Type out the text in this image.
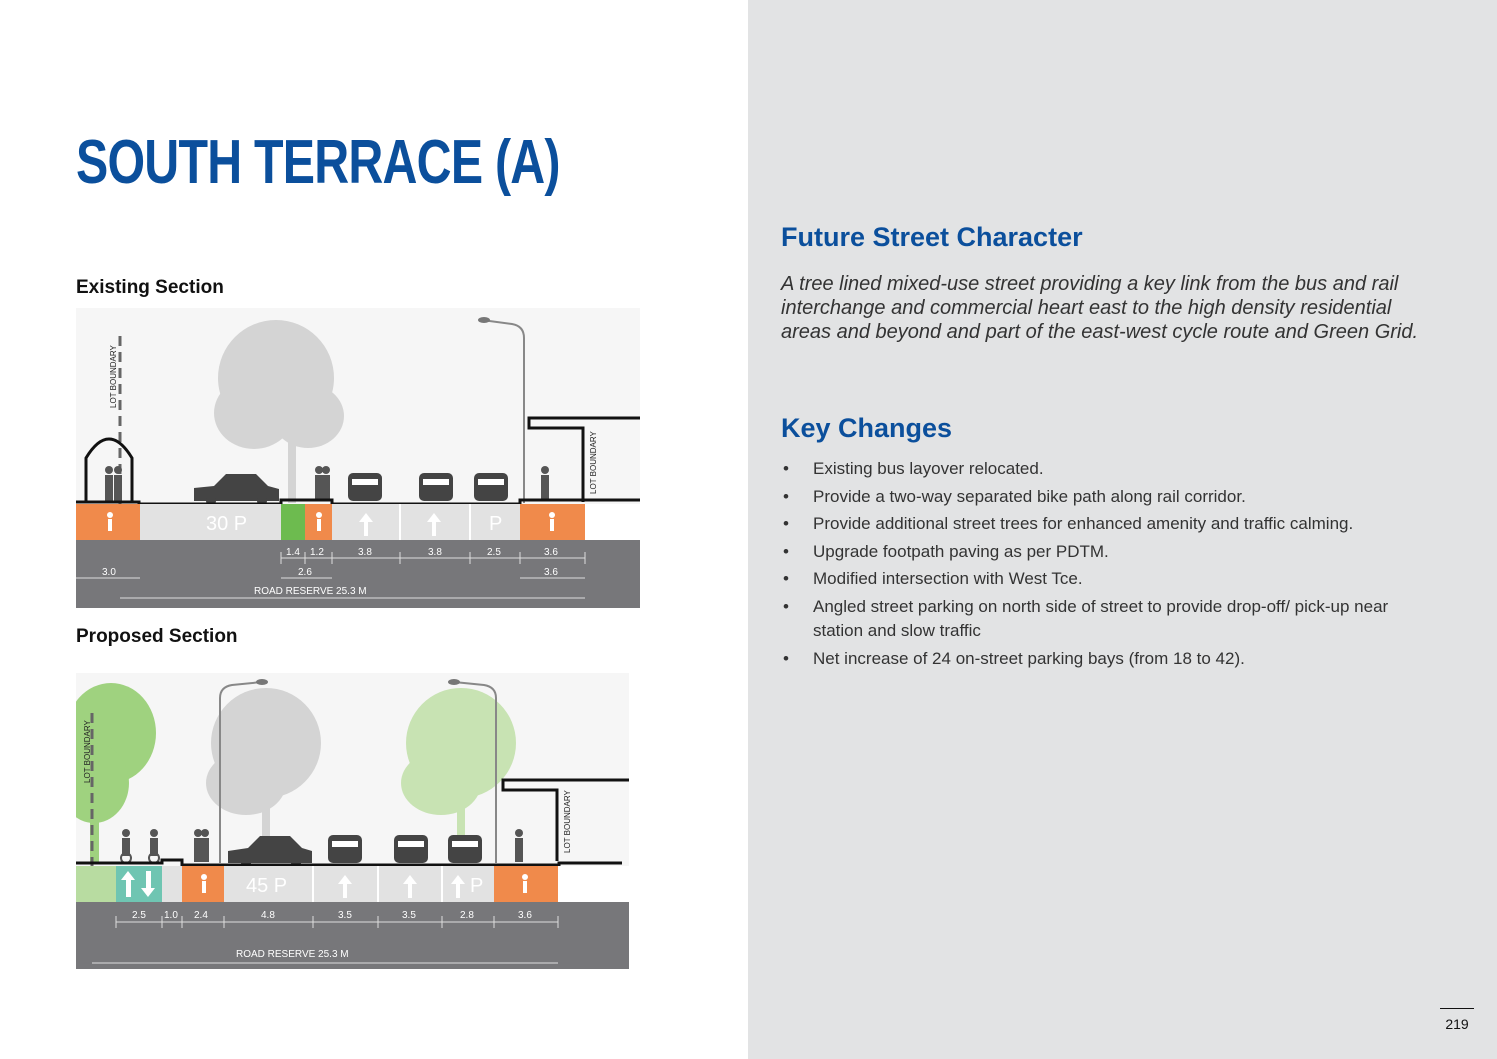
SOUTH TERRACE (A)

Existing Section

LOT BOUNDARY
LOT BOUNDARY
30 P	P
1.4 1.2	3.8	3.8	2.5	3.6
3.0	2.6	3.6
ROAD RESERVE 25.3 M

Proposed Section

LOT BOUNDARY
LOT BOUNDARY
45 P	P
2.5 1.0 2.4	4.8	3.5	3.5	2.8	3.6
ROAD RESERVE 25.3 M
Future Street Character

A tree lined mixed-use street providing a key link from the bus and rail interchange and commercial heart east to the high density residential areas and beyond and part of the east-west cycle route and Green Grid.

Key Changes
• Existing bus layover relocated.
• Provide a two-way separated bike path along rail corridor.
• Provide additional street trees for enhanced amenity and traffic calming.
• Upgrade footpath paving as per PDTM.
• Modified intersection with West Tce.
• Angled street parking on north side of street to provide drop-off/ pick-up near station and slow traffic
• Net increase of 24 on-street parking bays (from 18 to 42).

219
